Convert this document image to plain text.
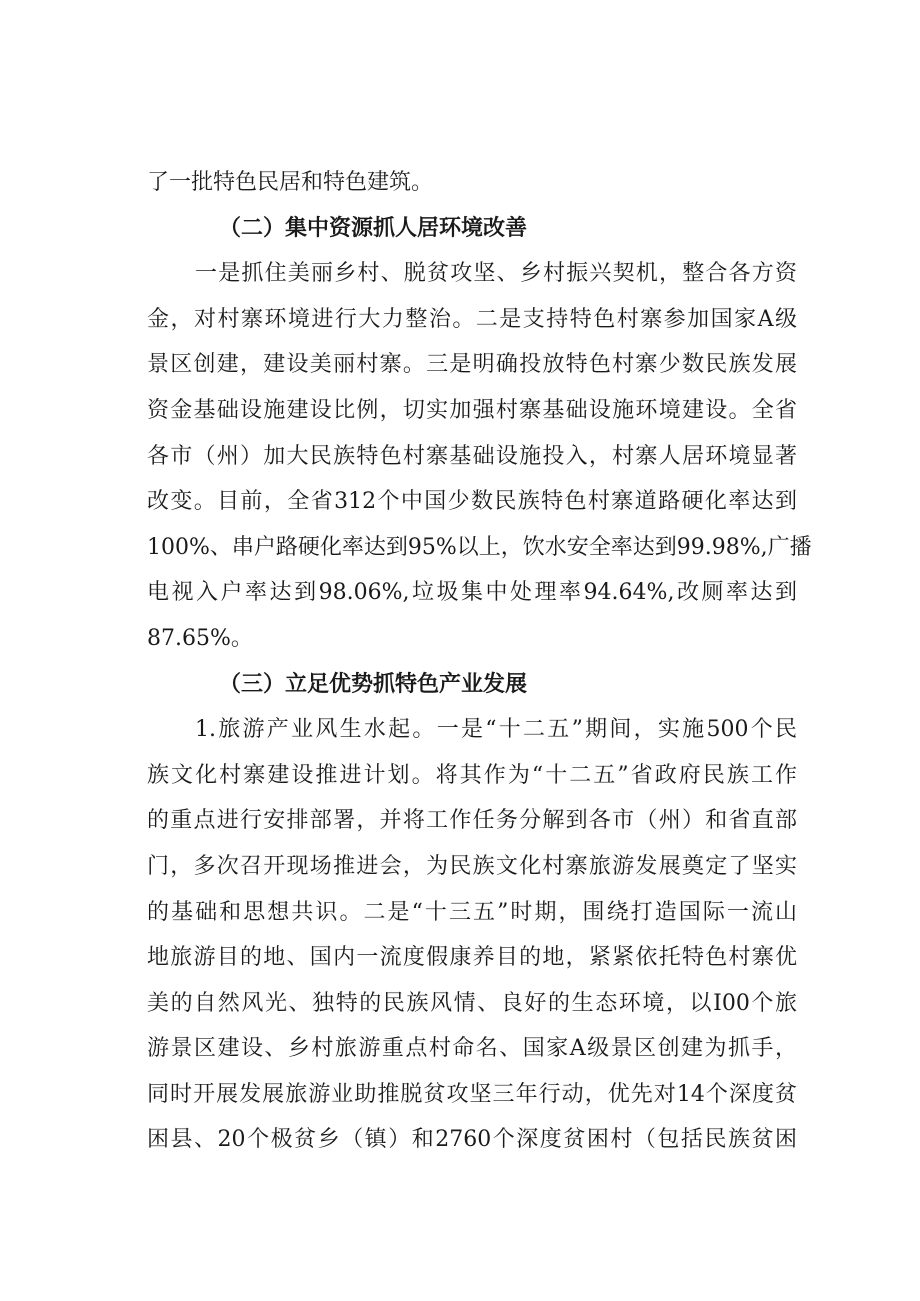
了一批特色民居和特色建筑。

（二）集中资源抓人居环境改善

一是抓住美丽乡村、脱贫攻坚、乡村振兴契机，整合各方资

金，对村寨环境进行大力整治。二是支持特色村寨参加国家A级

景区创建，建设美丽村寨。三是明确投放特色村寨少数民族发展

资金基础设施建设比例，切实加强村寨基础设施环境建设。全省

各市（州）加大民族特色村寨基础设施投入，村寨人居环境显著

改变。目前，全省312个中国少数民族特色村寨道路硬化率达到

100%、串户路硬化率达到95%以上，饮水安全率达到99.98%,广播

电视入户率达到98.06%,垃圾集中处理率94.64%,改厕率达到

87.65%。

（三）立足优势抓特色产业发展

1.旅游产业风生水起。一是“十二五”期间，实施500个民

族文化村寨建设推进计划。将其作为“十二五”省政府民族工作

的重点进行安排部署，并将工作任务分解到各市（州）和省直部

门，多次召开现场推进会，为民族文化村寨旅游发展奠定了坚实

的基础和思想共识。二是“十三五”时期，围绕打造国际一流山

地旅游目的地、国内一流度假康养目的地，紧紧依托特色村寨优

美的自然风光、独特的民族风情、良好的生态环境，以I00个旅

游景区建设、乡村旅游重点村命名、国家A级景区创建为抓手，

同时开展发展旅游业助推脱贫攻坚三年行动，优先对14个深度贫

困县、20个极贫乡（镇）和2760个深度贫困村（包括民族贫困
